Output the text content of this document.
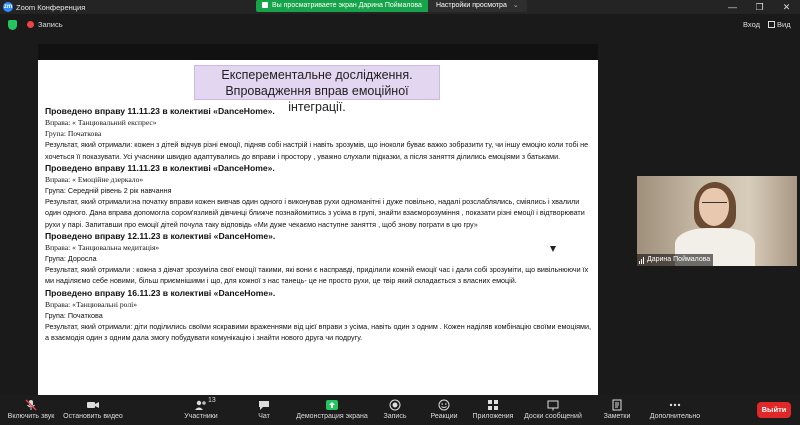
zm Zoom Конференция	—	❐	✕
Вы просматриваете экран Дарина Поймалова	Настройки просмотра ⌄
Запись	Вход	Вид
Експерементальне дослідження.
Впровадження вправ емоційної інтеграції.
Проведено вправу 11.11.23 в колективі «DanceHome».
Вправа: « Танцювальний експрес»
Група: Початкова
Результат, який отримали: кожен з дітей відчув різні емоції, підняв собі настрій і навіть зрозумів, що іноколи буває важко зобразити ту, чи іншу емоцію коли тобі не хочеться її показувати. Усі учасники швидко адаптувались до вправи і простору , уважно слухали підказки, а після заняття ділились емоціями з батьками.
Проведено вправу 11.11.23 в колективі «DanceHome».
Вправа: « Емоційне дзеркало»
Група: Середній рівень 2 рік навчання
Результат, який отримали:на початку вправи кожен вивчав один одного і виконував рухи одноманітні і дуже повільно, надалі розслаблялись, сміялись і хвалили один одного. Дана вправа допомогла сором'язливій дівчинці ближче познайомитись з усіма в групі, знайти взаєморозуміння , показати різні емоції і відтворювати рухи у парі. Запитавши про емоції дітей почула таку відповідь «Ми дуже чекаємо наступне заняття , щоб знову пограти в цю гру»
Проведено вправу 12.11.23 в колективі «DanceHome».
Вправа: « Танцювальна медитація»
Група: Доросла
Результат, який отримали : кожна з дівчат зрозуміла свої емоції такими, які вони є насправді, приділили кожній емоції час і дали собі зрозуміти, що вивільнюючи їх ми наділяємо себе новими, більш приємнішими і що, для кожної з нас танець- це не просто рухи, це твір який складається з власних емоцій.
Проведено вправу 16.11.23 в колективі «DanceHome».
Вправа: «Танцювальні ролі»
Група: Початкова
Результат, який отримали: діти поділились своїми яскравими враженнями від цієї вправи з усіма, навіть один з одним . Кожен наділяв комбінацію своїми емоціями, а взаємодія один з одним дала змогу побудувати комунікацію і знайти нового друга чи подругу.
Дарина Поймалова
Включить звук	Остановить видео
13
Участники	Чат	Демонстрация экрана	Запись	Реакции	Приложения	Доски сообщений	Заметки	Дополнительно
Выйти
